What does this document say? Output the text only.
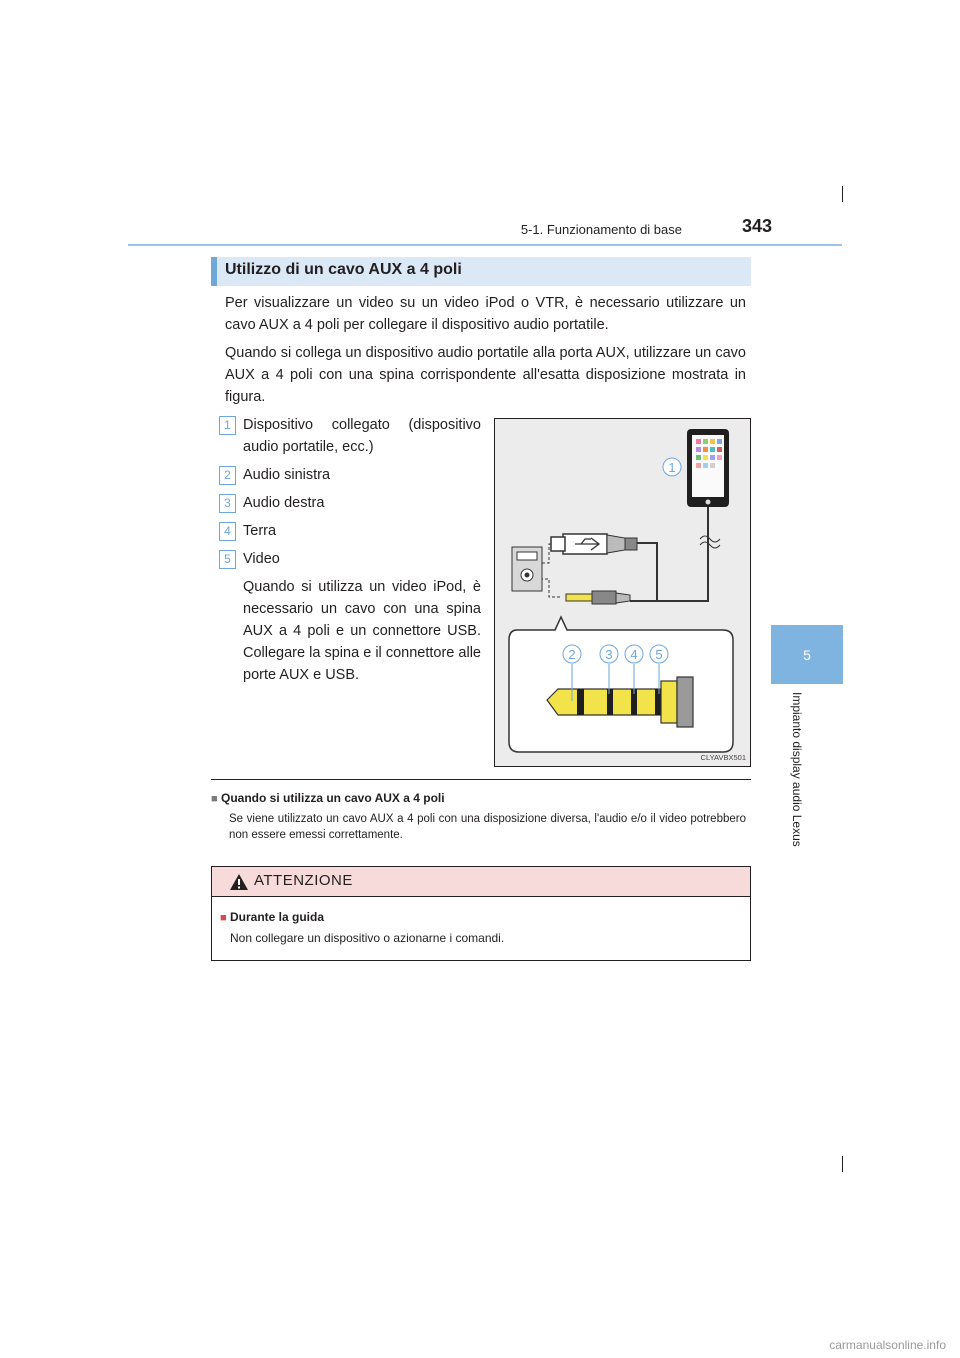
5-1. Funzionamento di base	343
5
Impianto display audio Lexus
Utilizzo di un cavo AUX a 4 poli

Per visualizzare un video su un video iPod o VTR, è necessario utilizzare un cavo AUX a 4 poli per collegare il dispositivo audio portatile.

Quando si collega un dispositivo audio portatile alla porta AUX, utilizzare un cavo AUX a 4 poli con una spina corrispondente all'esatta disposizione mostrata in figura.

1 Dispositivo collegato (dispositivo audio portatile, ecc.)
2 Audio sinistra
3 Audio destra
4 Terra
5 Video
Quando si utilizza un video iPod, è necessario un cavo con una spina AUX a 4 poli e un connettore USB. Collegare la spina e il connettore alle porte AUX e USB.
1
2 3 4 5
CLYAVBX501
■ Quando si utilizza un cavo AUX a 4 poli

Se viene utilizzato un cavo AUX a 4 poli con una disposizione diversa, l'audio e/o il video potrebbero non essere emessi correttamente.

ATTENZIONE
■ Durante la guida
Non collegare un dispositivo o azionarne i comandi.
carmanualsonline.info
